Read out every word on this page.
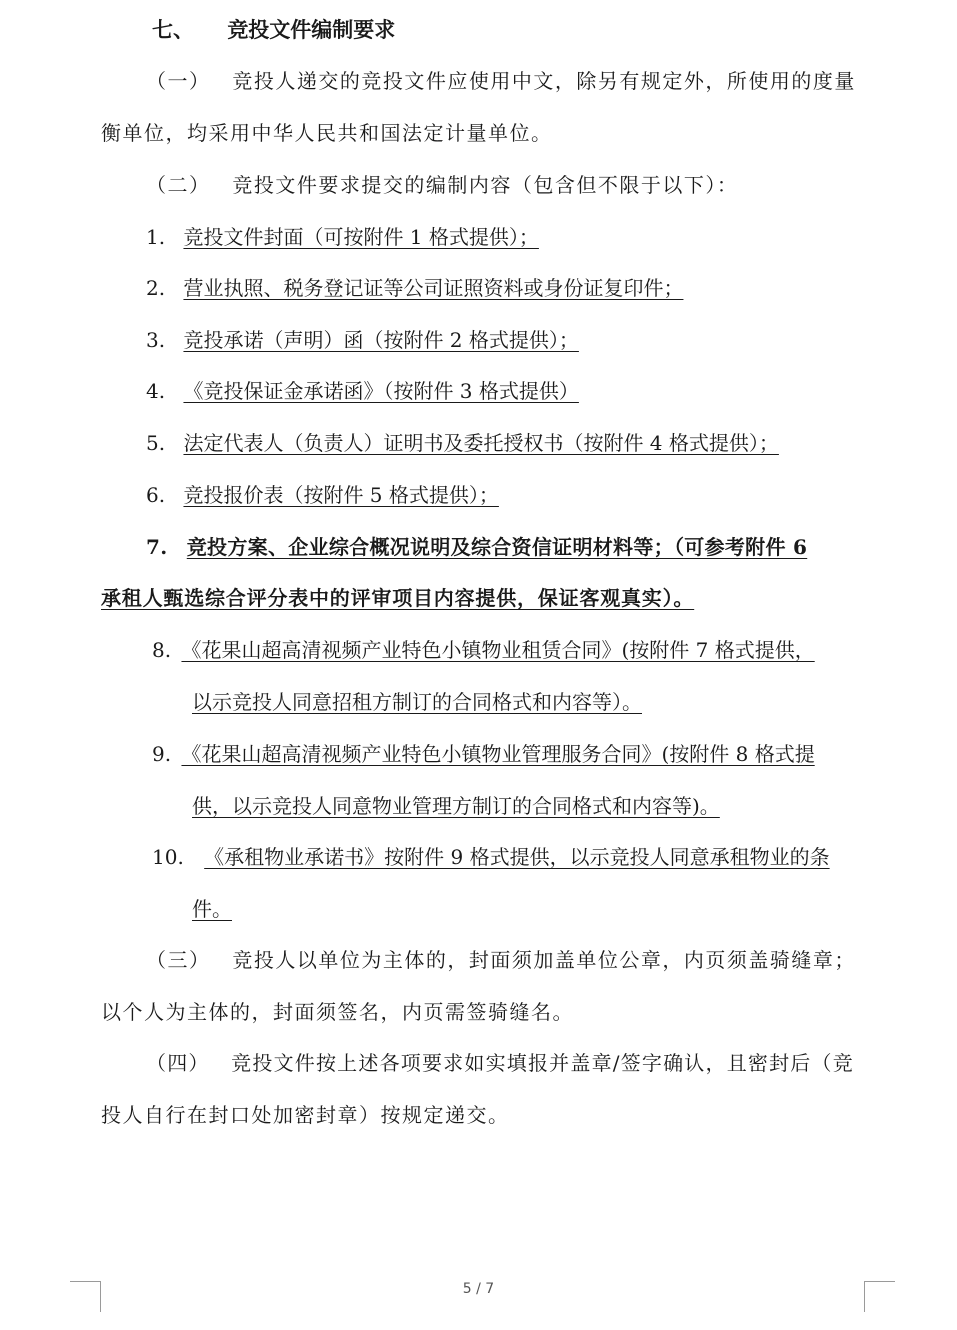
七、 竞投文件编制要求
（一） 竞投人递交的竞投文件应使用中文，除另有规定外，所使用的度量
衡单位，均采用中华人民共和国法定计量单位。
（二） 竞投文件要求提交的编制内容（包含但不限于以下）：
1. 竞投文件封面（可按附件 1 格式提供）；
2. 营业执照、税务登记证等公司证照资料或身份证复印件；
3. 竞投承诺（声明）函（按附件 2 格式提供）；
4. 《竞投保证金承诺函》（按附件 3 格式提供）
5. 法定代表人（负责人）证明书及委托授权书（按附件 4 格式提供）；
6. 竞投报价表（按附件 5 格式提供）；
7. 竞投方案、企业综合概况说明及综合资信证明材料等；（可参考附件 6
承租人甄选综合评分表中的评审项目内容提供，保证客观真实）。
8. 《花果山超高清视频产业特色小镇物业租赁合同》(按附件 7 格式提供，
以示竞投人同意招租方制订的合同格式和内容等）。
9. 《花果山超高清视频产业特色小镇物业管理服务合同》(按附件 8 格式提
供，以示竞投人同意物业管理方制订的合同格式和内容等)。
10. 《承租物业承诺书》按附件 9 格式提供，以示竞投人同意承租物业的条
件。
（三） 竞投人以单位为主体的，封面须加盖单位公章，内页须盖骑缝章；
以个人为主体的，封面须签名，内页需签骑缝名。
（四） 竞投文件按上述各项要求如实填报并盖章/签字确认，且密封后（竞
投人自行在封口处加密封章）按规定递交。
5 / 7
